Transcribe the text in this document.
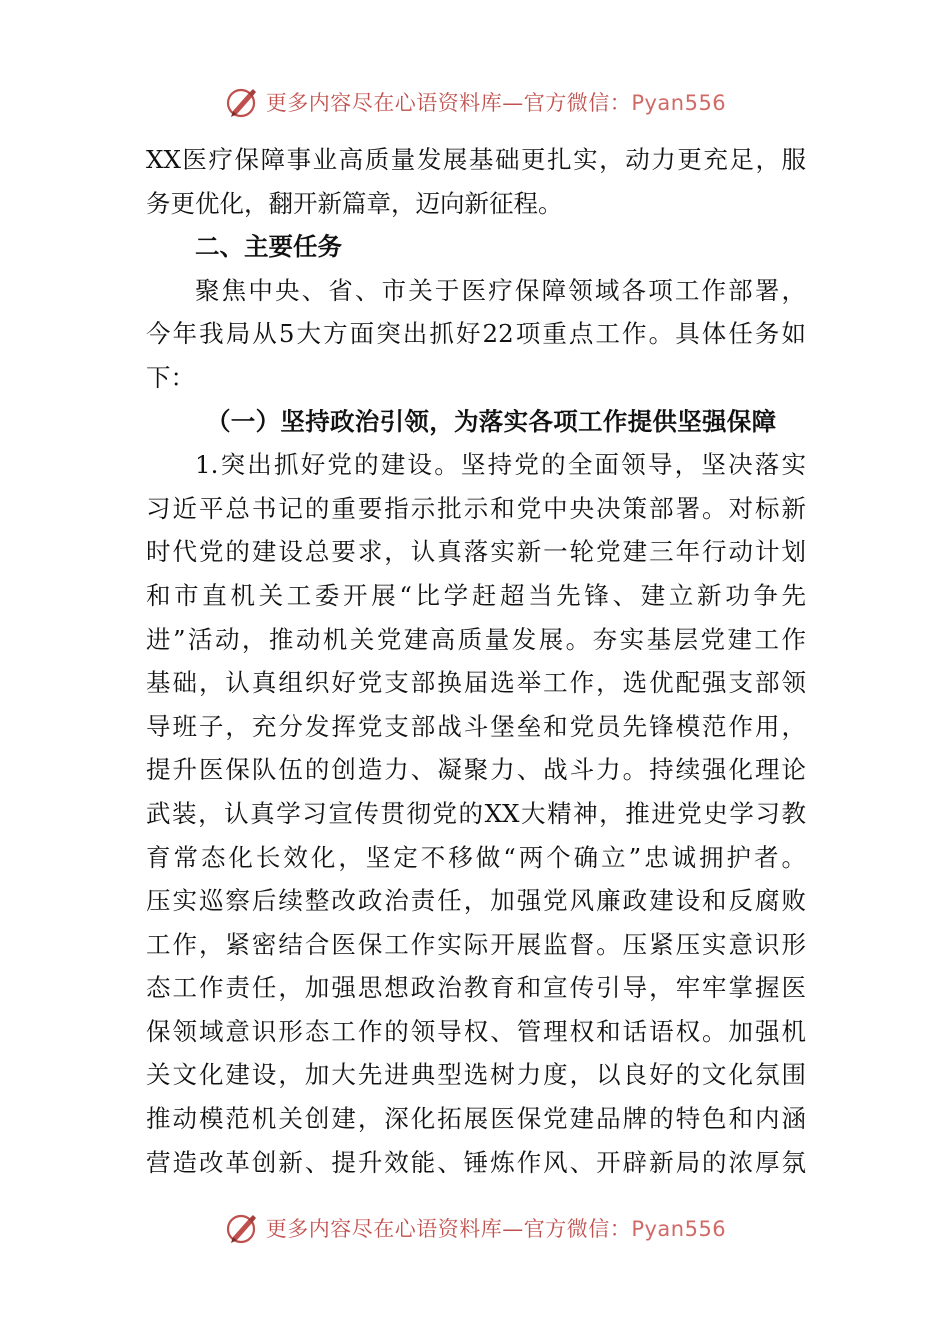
更多内容尽在心语资料库—官方微信：Pyan556
XX医疗保障事业高质量发展基础更扎实，动力更充足，服
务更优化，翻开新篇章，迈向新征程。
二、主要任务
聚焦中央、省、市关于医疗保障领域各项工作部署，
今年我局从5大方面突出抓好22项重点工作。具体任务如
下：
（一）坚持政治引领，为落实各项工作提供坚强保障
1.突出抓好党的建设。坚持党的全面领导，坚决落实
习近平总书记的重要指示批示和党中央决策部署。对标新
时代党的建设总要求，认真落实新一轮党建三年行动计划
和市直机关工委开展“比学赶超当先锋、建立新功争先
进”活动，推动机关党建高质量发展。夯实基层党建工作
基础，认真组织好党支部换届选举工作，选优配强支部领
导班子，充分发挥党支部战斗堡垒和党员先锋模范作用，
提升医保队伍的创造力、凝聚力、战斗力。持续强化理论
武装，认真学习宣传贯彻党的XX大精神，推进党史学习教
育常态化长效化，坚定不移做“两个确立”忠诚拥护者。
压实巡察后续整改政治责任，加强党风廉政建设和反腐败
工作，紧密结合医保工作实际开展监督。压紧压实意识形
态工作责任，加强思想政治教育和宣传引导，牢牢掌握医
保领域意识形态工作的领导权、管理权和话语权。加强机
关文化建设，加大先进典型选树力度，以良好的文化氛围
推动模范机关创建，深化拓展医保党建品牌的特色和内涵
营造改革创新、提升效能、锤炼作风、开辟新局的浓厚氛
更多内容尽在心语资料库—官方微信：Pyan556
